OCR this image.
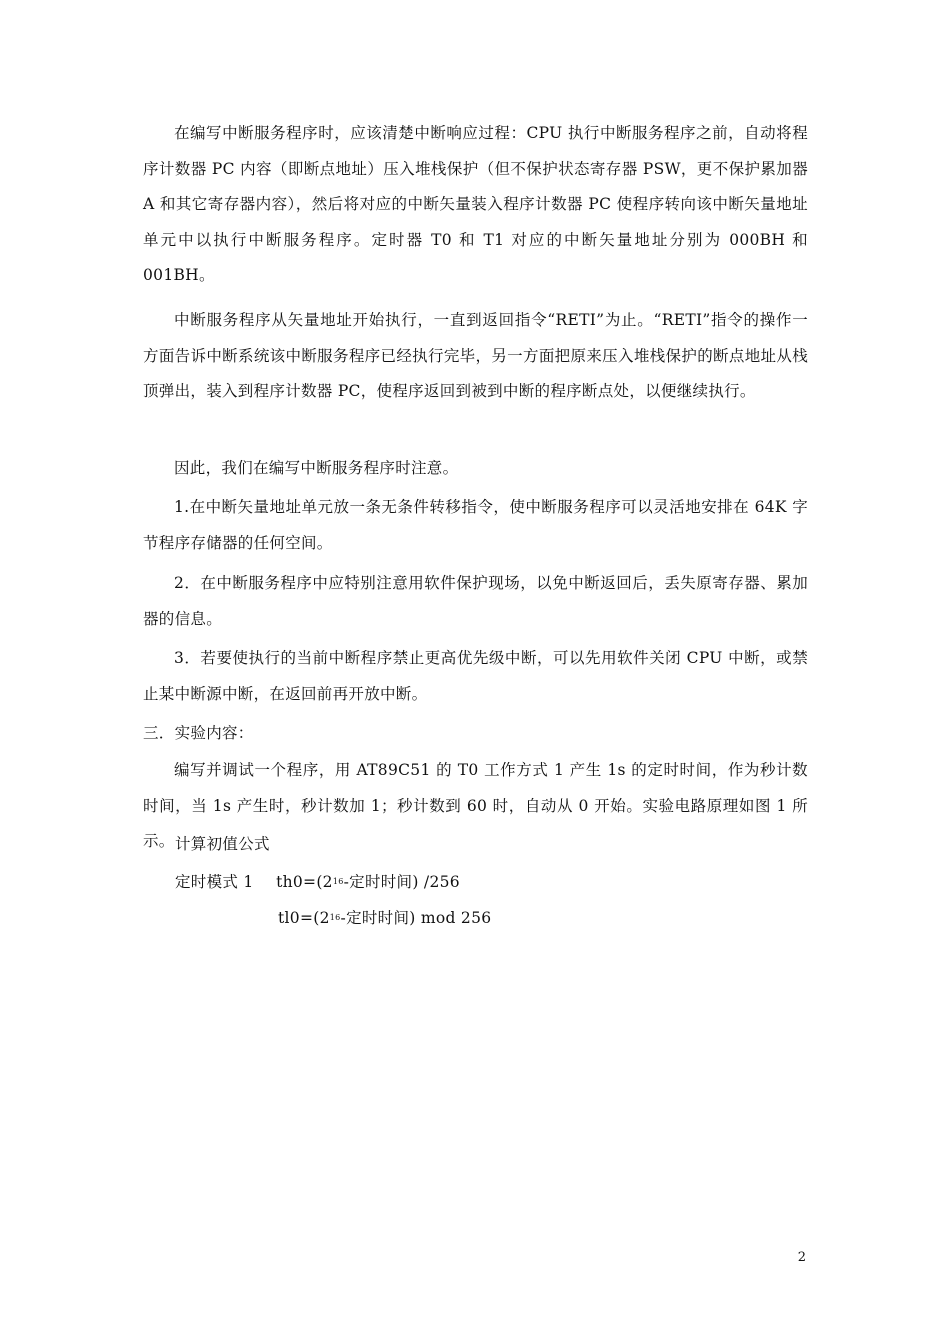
在编写中断服务程序时，应该清楚中断响应过程：CPU 执行中断服务程序之前，自动将程序计数器 PC 内容（即断点地址）压入堆栈保护（但不保护状态寄存器 PSW，更不保护累加器 A 和其它寄存器内容），然后将对应的中断矢量装入程序计数器 PC 使程序转向该中断矢量地址单元中以执行中断服务程序。定时器 T0 和 T1 对应的中断矢量地址分别为 000BH 和 001BH。

中断服务程序从矢量地址开始执行，一直到返回指令“RETI”为止。“RETI”指令的操作一方面告诉中断系统该中断服务程序已经执行完毕，另一方面把原来压入堆栈保护的断点地址从栈顶弹出，装入到程序计数器 PC，使程序返回到被到中断的程序断点处，以便继续执行。

因此，我们在编写中断服务程序时注意。

1.在中断矢量地址单元放一条无条件转移指令，使中断服务程序可以灵活地安排在 64K 字节程序存储器的任何空间。

2．在中断服务程序中应特别注意用软件保护现场，以免中断返回后，丢失原寄存器、累加器的信息。

3．若要使执行的当前中断程序禁止更高优先级中断，可以先用软件关闭 CPU 中断，或禁止某中断源中断，在返回前再开放中断。

三．实验内容：

编写并调试一个程序，用 AT89C51 的 T0 工作方式 1 产生 1s 的定时时间，作为秒计数时间，当 1s 产生时，秒计数加 1；秒计数到 60 时，自动从 0 开始。实验电路原理如图 1 所示。 计算初值公式

定时模式 1 $th0=(2_{16}-$定时时间) /256

$tl0=(2_{16}-$定时时间) mod 256

2
